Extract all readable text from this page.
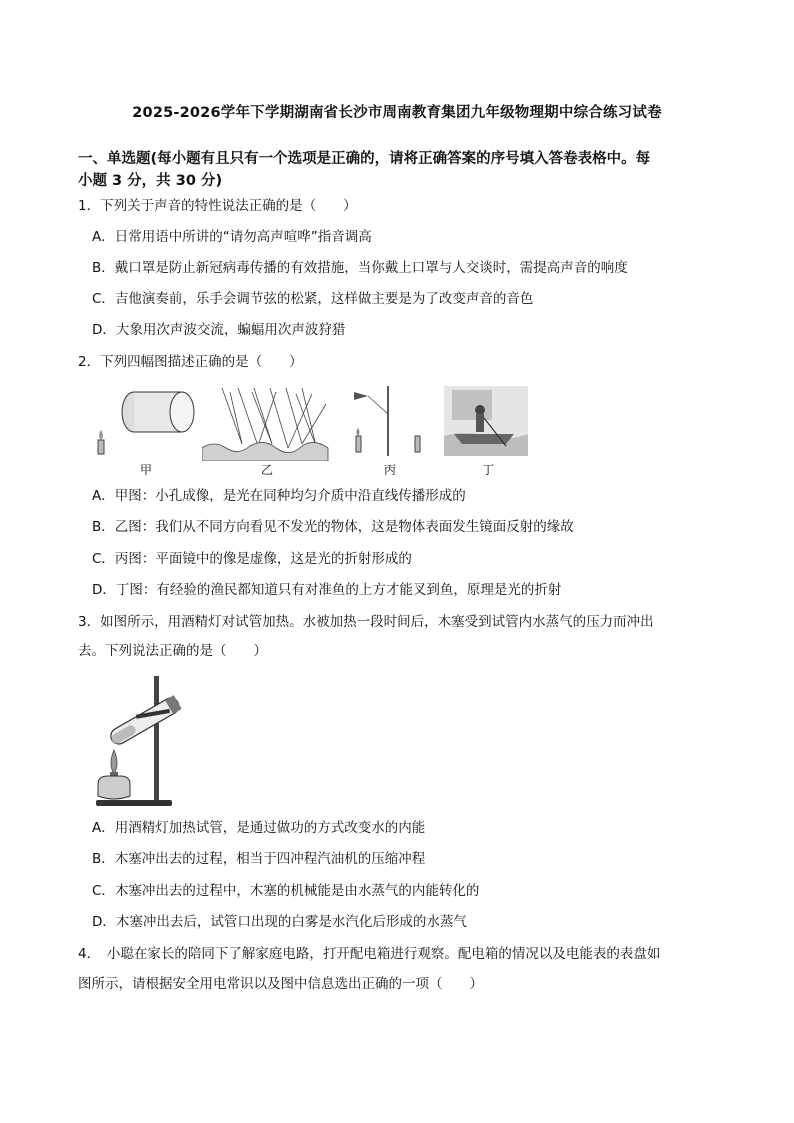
2025-2026学年下学期湖南省长沙市周南教育集团九年级物理期中综合练习试卷
一、单选题(每小题有且只有一个选项是正确的，请将正确答案的序号填入答卷表格中。每
小题 3 分，共 30 分)
1．下列关于声音的特性说法正确的是（　　）
A．日常用语中所讲的“请勿高声喧哗”指音调高
B．戴口罩是防止新冠病毒传播的有效措施，当你戴上口罩与人交谈时，需提高声音的响度
C．吉他演奏前，乐手会调节弦的松紧，这样做主要是为了改变声音的音色
D．大象用次声波交流，蝙蝠用次声波狩猎
2．下列四幅图描述正确的是（　　）
甲	乙	丙	丁
A．甲图：小孔成像，是光在同种均匀介质中沿直线传播形成的
B．乙图：我们从不同方向看见不发光的物体，这是物体表面发生镜面反射的缘故
C．丙图：平面镜中的像是虚像，这是光的折射形成的
D．丁图：有经验的渔民都知道只有对准鱼的上方才能叉到鱼，原理是光的折射
3．如图所示，用酒精灯对试管加热。水被加热一段时间后，木塞受到试管内水蒸气的压力而冲出
去。下列说法正确的是（　　）
A．用酒精灯加热试管，是通过做功的方式改变水的内能
B．木塞冲出去的过程，相当于四冲程汽油机的压缩冲程
C．木塞冲出去的过程中，木塞的机械能是由水蒸气的内能转化的
D．木塞冲出去后，试管口出现的白雾是水汽化后形成的水蒸气
4．　小聪在家长的陪同下了解家庭电路，打开配电箱进行观察。配电箱的情况以及电能表的表盘如
图所示，请根据安全用电常识以及图中信息选出正确的一项（　　）
